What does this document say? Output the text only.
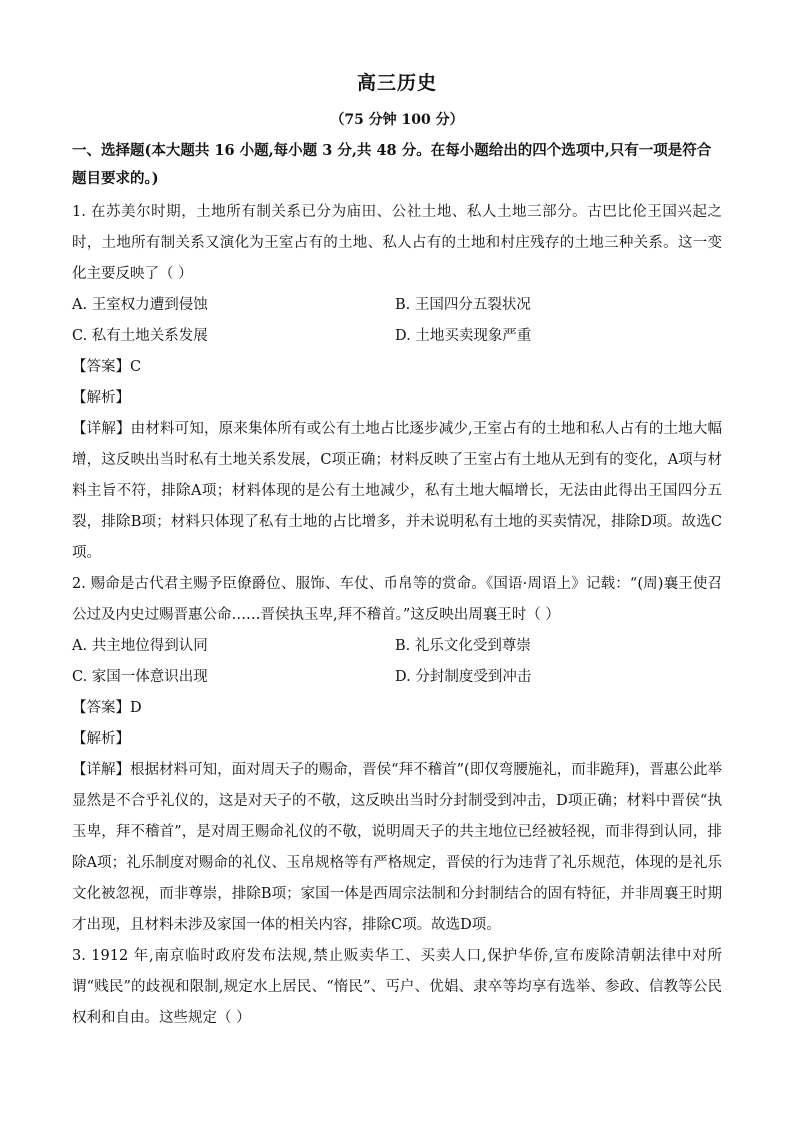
高三历史
（75 分钟 100 分）

一、选择题(本大题共 16 小题,每小题 3 分,共 48 分。在每小题给出的四个选项中,只有一项是符合题目要求的。)

1. 在苏美尔时期，土地所有制关系已分为庙田、公社土地、私人土地三部分。古巴比伦王国兴起之时，土地所有制关系又演化为王室占有的土地、私人占有的土地和村庄残存的土地三种关系。这一变化主要反映了（ ）

A. 王室权力遭到侵蚀	B. 王国四分五裂状况
C. 私有土地关系发展	D. 土地买卖现象严重

【答案】C

【解析】

【详解】由材料可知，原来集体所有或公有土地占比逐步减少,王室占有的土地和私人占有的土地大幅增，这反映出当时私有土地关系发展，C项正确；材料反映了王室占有土地从无到有的变化，A项与材料主旨不符，排除A项；材料体现的是公有土地减少，私有土地大幅增长，无法由此得出王国四分五裂，排除B项；材料只体现了私有土地的占比增多，并未说明私有土地的买卖情况，排除D项。故选C项。

2. 赐命是古代君主赐予臣僚爵位、服饰、车仗、币帛等的赏命。《国语·周语上》记载：“(周)襄王使召公过及内史过赐晋惠公命……晋侯执玉卑,拜不稽首。”这反映出周襄王时（ ）

A. 共主地位得到认同	B. 礼乐文化受到尊崇
C. 家国一体意识出现	D. 分封制度受到冲击

【答案】D

【解析】

【详解】根据材料可知，面对周天子的赐命，晋侯“拜不稽首”(即仅弯腰施礼，而非跪拜)，晋惠公此举显然是不合乎礼仪的，这是对天子的不敬，这反映出当时分封制受到冲击，D项正确；材料中晋侯“执玉卑，拜不稽首”，是对周王赐命礼仪的不敬，说明周天子的共主地位已经被轻视，而非得到认同，排除A项；礼乐制度对赐命的礼仪、玉帛规格等有严格规定，晋侯的行为违背了礼乐规范，体现的是礼乐文化被忽视，而非尊崇，排除B项；家国一体是西周宗法制和分封制结合的固有特征，并非周襄王时期才出现，且材料未涉及家国一体的相关内容，排除C项。故选D项。

3. 1912 年,南京临时政府发布法规,禁止贩卖华工、买卖人口,保护华侨,宣布废除清朝法律中对所谓“贱民”的歧视和限制,规定水上居民、“惰民”、丐户、优娼、隶卒等均享有选举、参政、信教等公民权利和自由。这些规定（ ）
